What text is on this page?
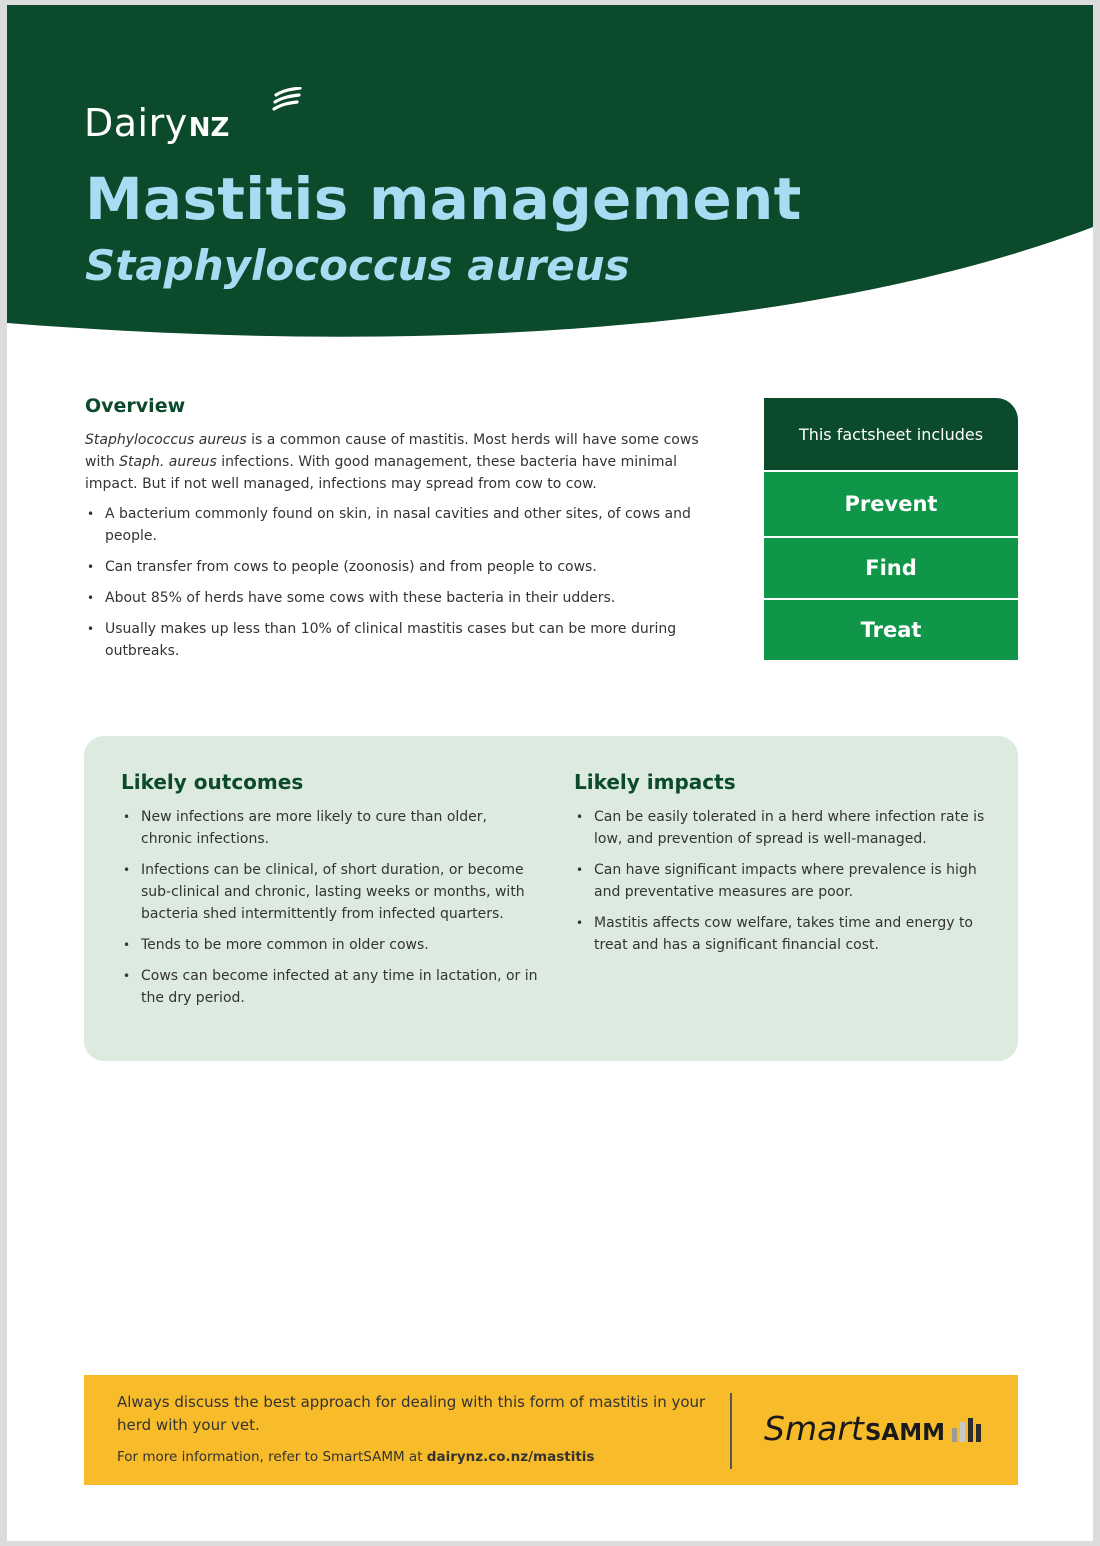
Dairy NZ
Mastitis management
Staphylococcus aureus
Overview

Staphylococcus aureus is a common cause of mastitis. Most herds will have some cows with Staph. aureus infections. With good management, these bacteria have minimal impact. But if not well managed, infections may spread from cow to cow.

• A bacterium commonly found on skin, in nasal cavities and other sites, of cows and people.
• Can transfer from cows to people (zoonosis) and from people to cows.
• About 85% of herds have some cows with these bacteria in their udders.
• Usually makes up less than 10% of clinical mastitis cases but can be more during outbreaks.
This factsheet includes
Prevent
Find
Treat
Likely outcomes
• New infections are more likely to cure than older, chronic infections.
• Infections can be clinical, of short duration, or become sub-clinical and chronic, lasting weeks or months, with bacteria shed intermittently from infected quarters.
• Tends to be more common in older cows.
• Cows can become infected at any time in lactation, or in the dry period.
Likely impacts
• Can be easily tolerated in a herd where infection rate is low, and prevention of spread is well-managed.
• Can have significant impacts where prevalence is high and preventative measures are poor.
• Mastitis affects cow welfare, takes time and energy to treat and has a significant financial cost.

Always discuss the best approach for dealing with this form of mastitis in your herd with your vet.

For more information, refer to SmartSAMM at dairynz.co.nz/mastitis

Smart SAMM
